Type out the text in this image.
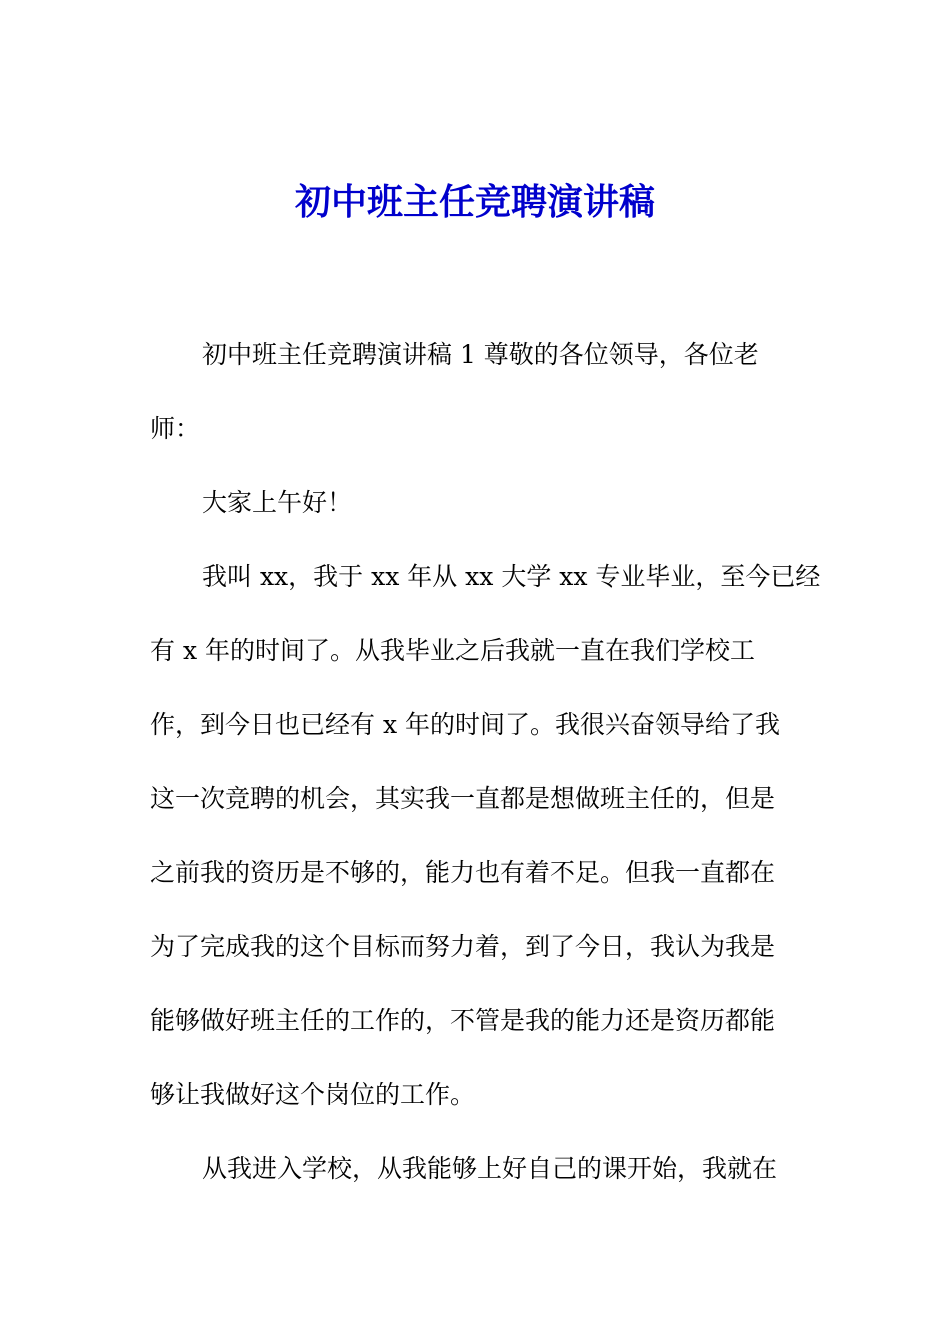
初中班主任竞聘演讲稿
初中班主任竞聘演讲稿 1 尊敬的各位领导，各位老
师：
大家上午好！
我叫 xx，我于 xx 年从 xx 大学 xx 专业毕业，至今已经
有 x 年的时间了。从我毕业之后我就一直在我们学校工
作，到今日也已经有 x 年的时间了。我很兴奋领导给了我
这一次竞聘的机会，其实我一直都是想做班主任的，但是
之前我的资历是不够的，能力也有着不足。但我一直都在
为了完成我的这个目标而努力着，到了今日，我认为我是
能够做好班主任的工作的，不管是我的能力还是资历都能
够让我做好这个岗位的工作。
从我进入学校，从我能够上好自己的课开始，我就在
